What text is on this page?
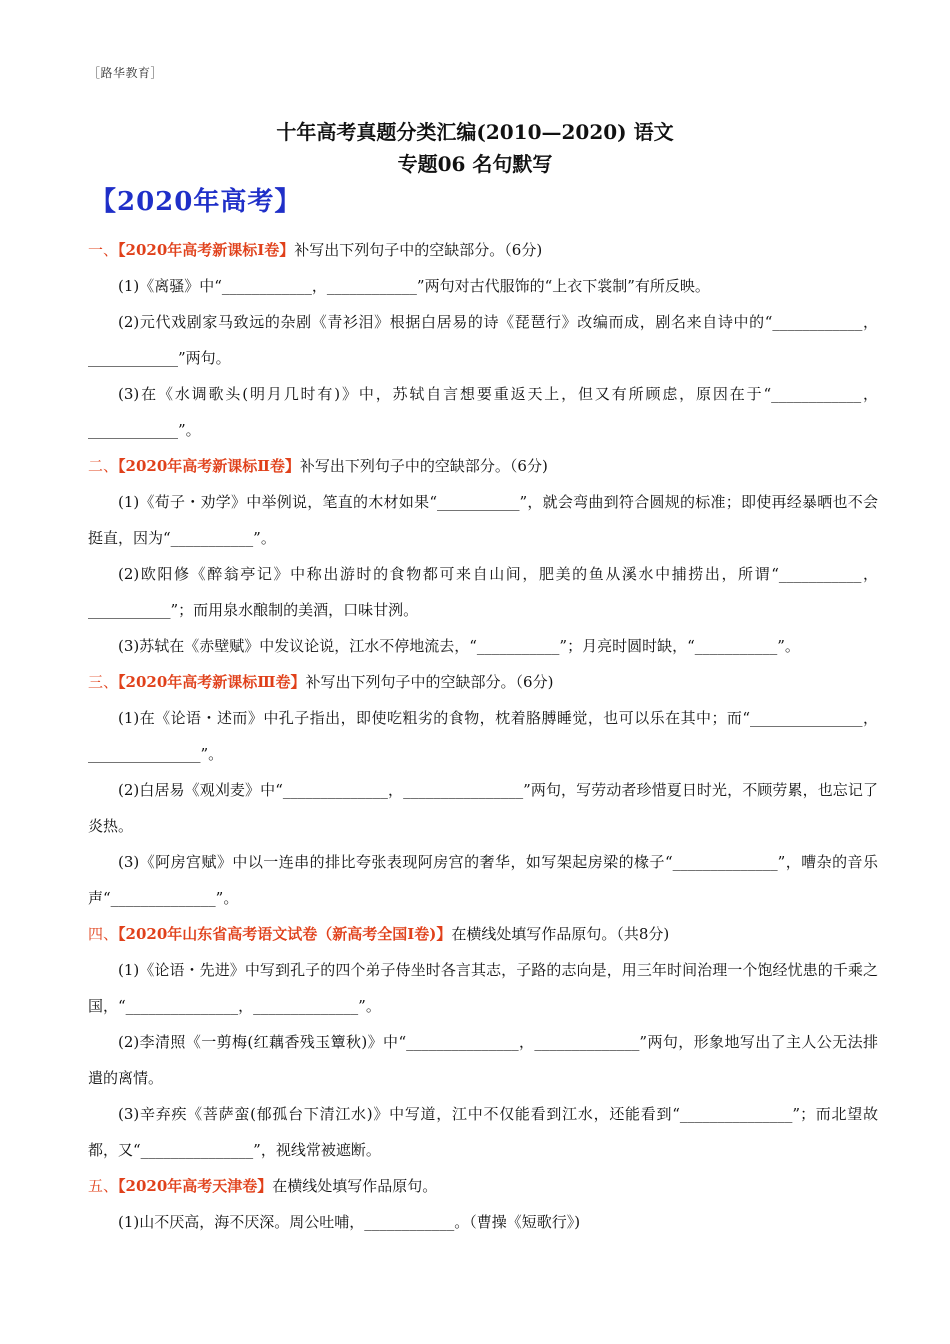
［路华教育］
十年高考真题分类汇编(2010—2020) 语文
专题06 名句默写
【2020年高考】

一、【2020年高考新课标Ⅰ卷】补写出下列句子中的空缺部分。（6分)

(1)《离骚》中“____________，____________”两句对古代服饰的“上衣下裳制”有所反映。

(2)元代戏剧家马致远的杂剧《青衫泪》根据白居易的诗《琵琶行》改编而成，剧名来自诗中的“____________，____________”两句。

(3)在《水调歌头(明月几时有)》中，苏轼自言想要重返天上，但又有所顾虑，原因在于“____________，____________”。

二、【2020年高考新课标Ⅱ卷】补写出下列句子中的空缺部分。（6分)

(1)《荀子・劝学》中举例说，笔直的木材如果“___________”，就会弯曲到符合圆规的标准；即使再经暴晒也不会挺直，因为“___________”。

(2)欧阳修《醉翁亭记》中称出游时的食物都可来自山间，肥美的鱼从溪水中捕捞出，所谓“___________，___________”；而用泉水酿制的美酒，口味甘洌。

(3)苏轼在《赤壁赋》中发议论说，江水不停地流去，“___________”；月亮时圆时缺，“___________”。

三、【2020年高考新课标Ⅲ卷】补写出下列句子中的空缺部分。（6分)

(1)在《论语・述而》中孔子指出，即使吃粗劣的食物，枕着胳膊睡觉，也可以乐在其中；而“_______________，_______________”。

(2)白居易《观刈麦》中“______________，________________”两句，写劳动者珍惜夏日时光，不顾劳累，也忘记了炎热。

(3)《阿房宫赋》中以一连串的排比夸张表现阿房宫的奢华，如写架起房梁的椽子“______________”，嘈杂的音乐声“______________”。

四、【2020年山东省高考语文试卷（新高考全国Ⅰ卷)】在横线处填写作品原句。（共8分)

(1)《论语・先进》中写到孔子的四个弟子侍坐时各言其志，子路的志向是，用三年时间治理一个饱经忧患的千乘之国，“_______________，______________”。

(2)李清照《一剪梅(红藕香残玉簟秋)》中“_______________，______________”两句，形象地写出了主人公无法排遣的离情。

(3)辛弃疾《菩萨蛮(郁孤台下清江水)》中写道，江中不仅能看到江水，还能看到“_______________”；而北望故都，又“_______________”，视线常被遮断。

五、【2020年高考天津卷】在横线处填写作品原句。

(1)山不厌高，海不厌深。周公吐哺，____________。（曹操《短歌行》)
